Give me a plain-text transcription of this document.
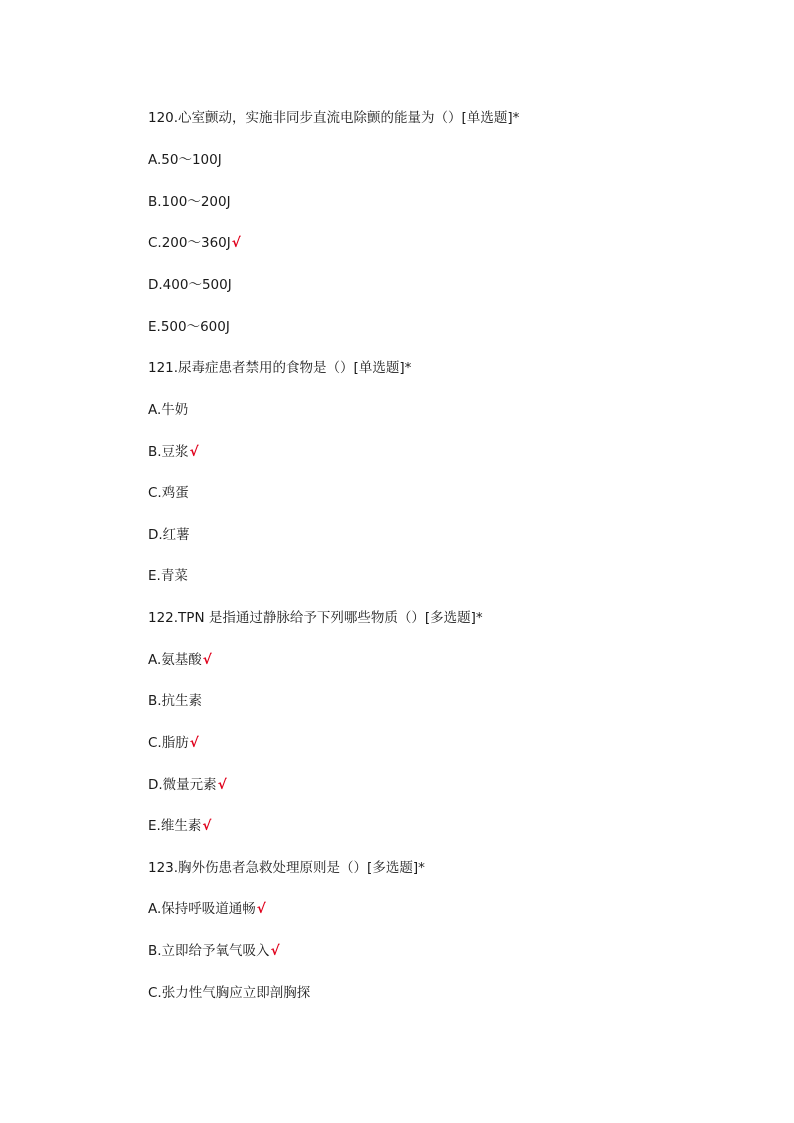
120.心室颤动，实施非同步直流电除颤的能量为（）[单选题]*
A.50～100J
B.100～200J
C.200～360J√
D.400～500J
E.500～600J
121.尿毒症患者禁用的食物是（）[单选题]*
A.牛奶
B.豆浆√
C.鸡蛋
D.红薯
E.青菜
122.TPN 是指通过静脉给予下列哪些物质（）[多选题]*
A.氨基酸√
B.抗生素
C.脂肪√
D.微量元素√
E.维生素√
123.胸外伤患者急救处理原则是（）[多选题]*
A.保持呼吸道通畅√
B.立即给予氧气吸入√
C.张力性气胸应立即剖胸探
